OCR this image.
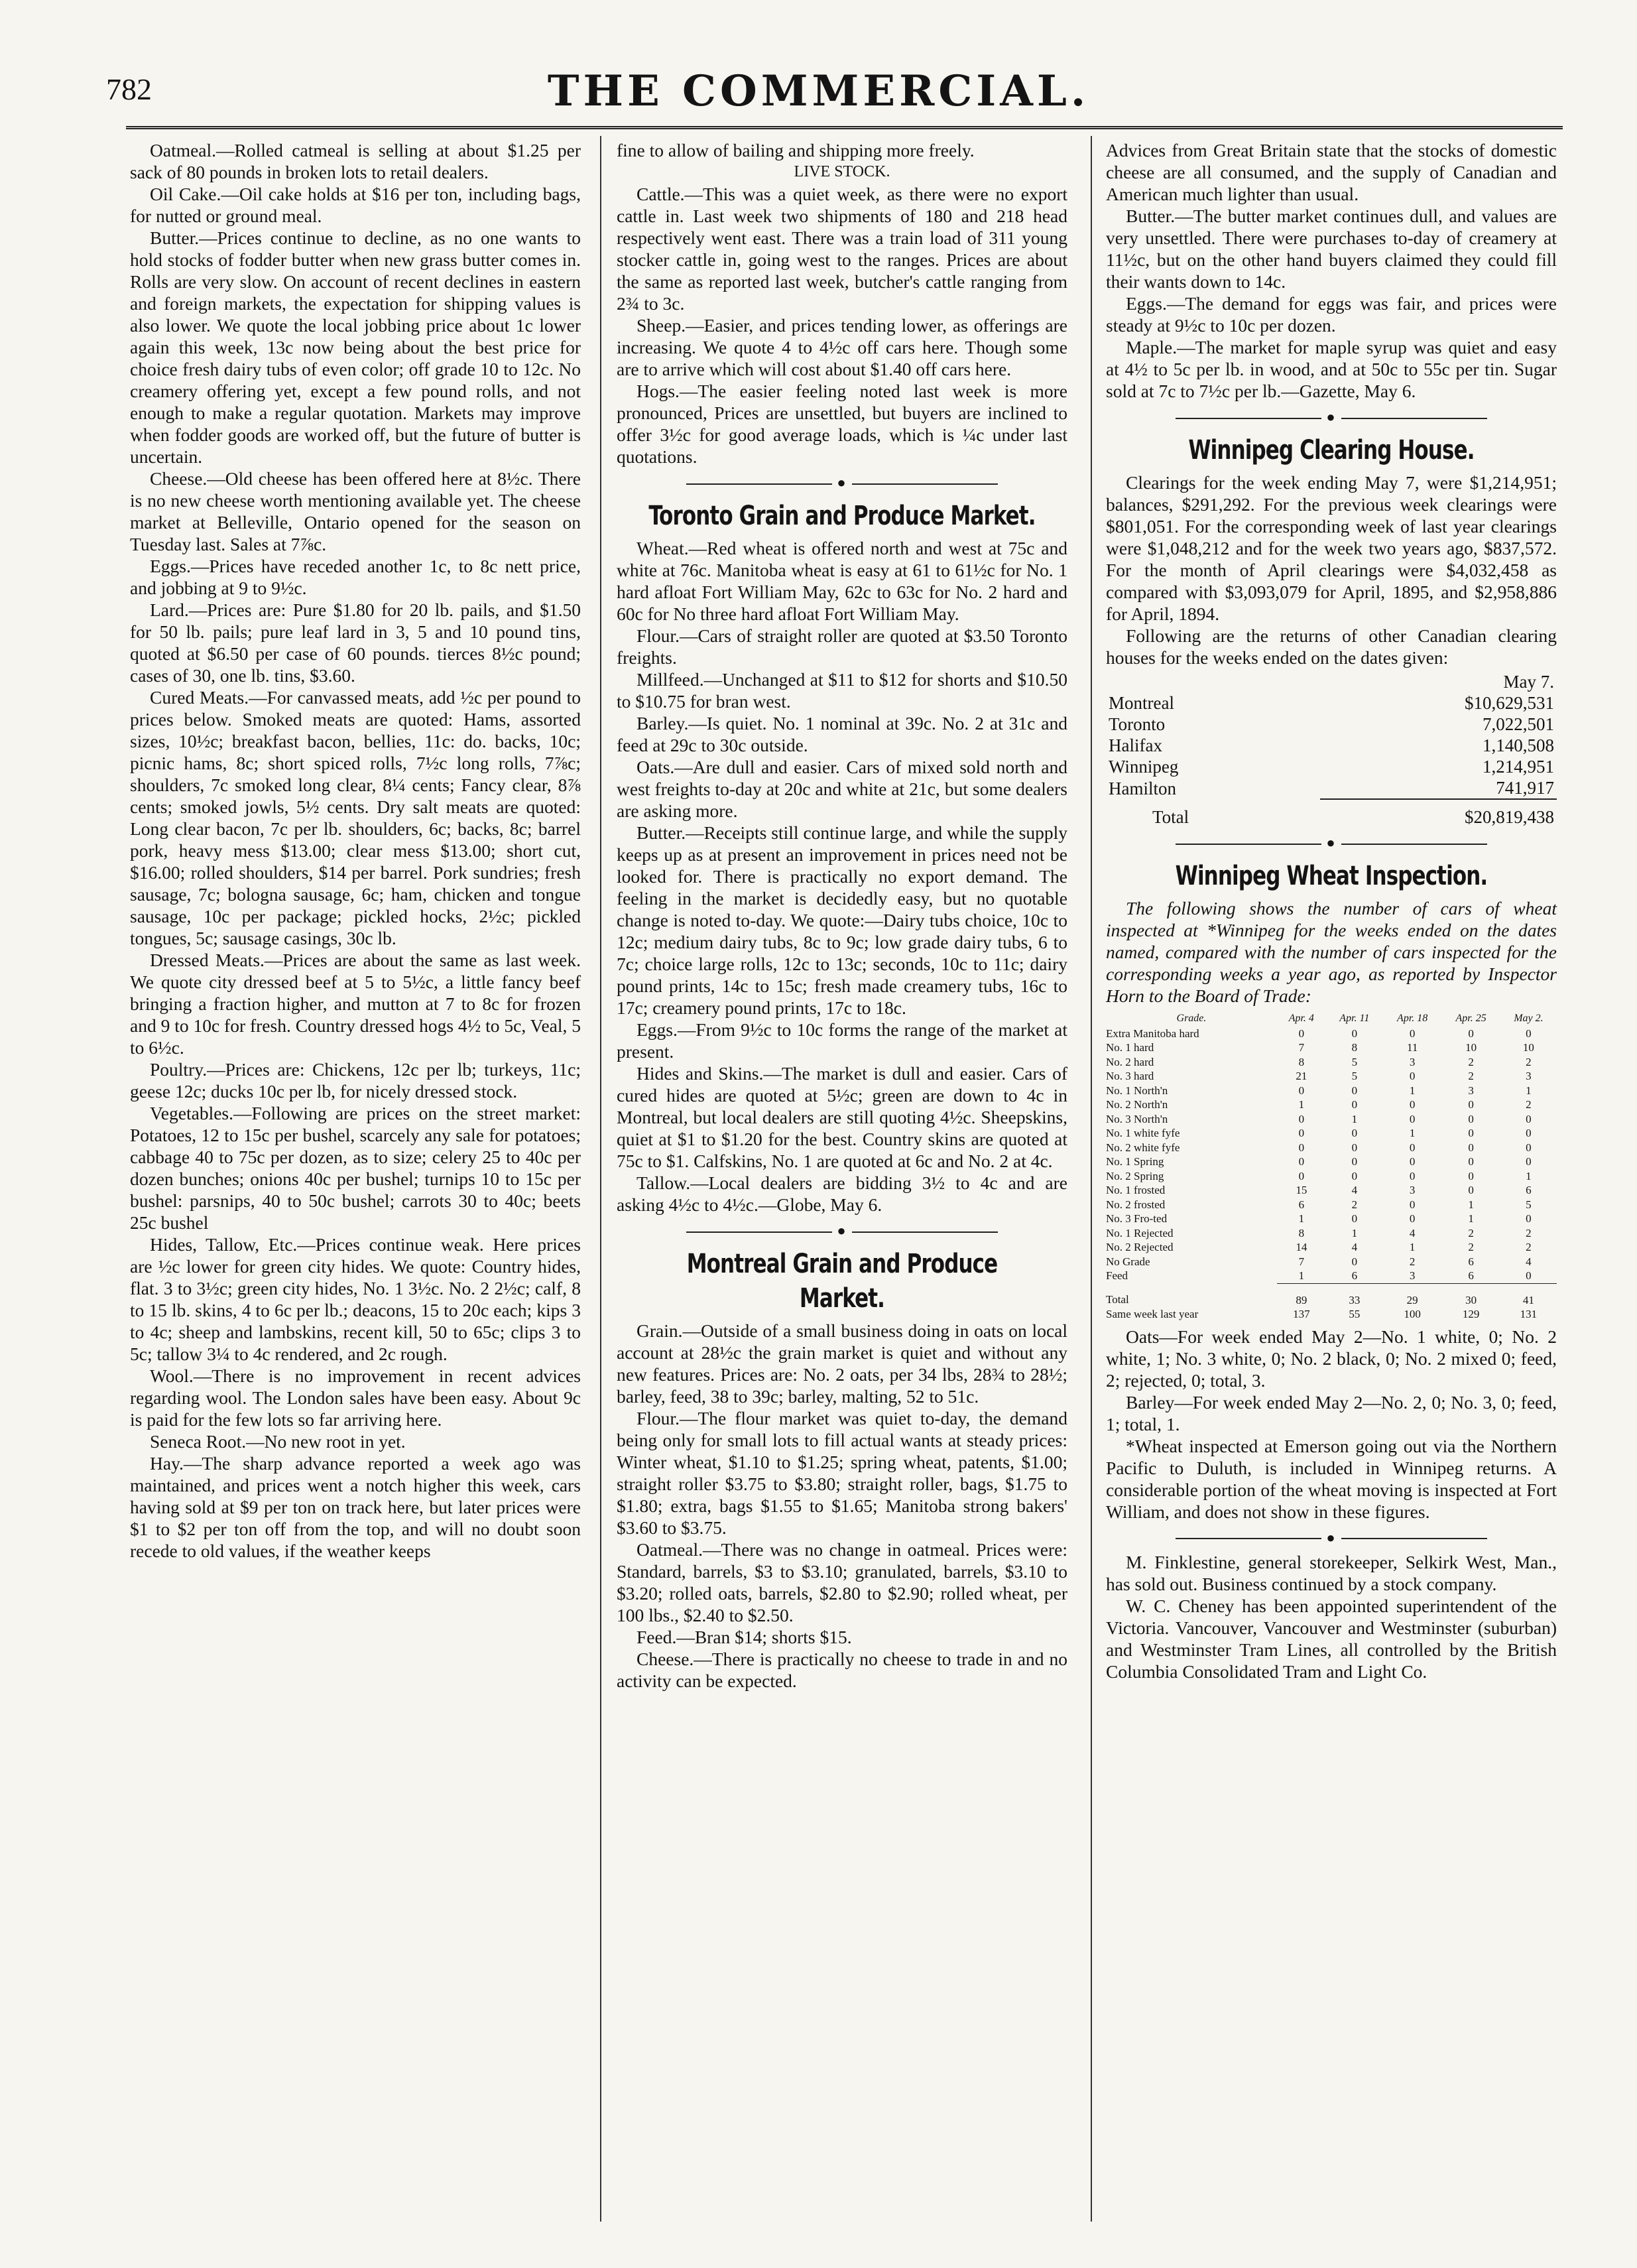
782	THE COMMERCIAL.

Oatmeal.—Rolled catmeal is selling at about $1.25 per sack of 80 pounds in broken lots to retail dealers.

Oil Cake.—Oil cake holds at $16 per ton, including bags, for nutted or ground meal.

Butter.—Prices continue to decline, as no one wants to hold stocks of fodder butter when new grass butter comes in. Rolls are very slow. On account of recent declines in eastern and foreign markets, the expectation for shipping values is also lower. We quote the local jobbing price about 1c lower again this week, 13c now being about the best price for choice fresh dairy tubs of even color; off grade 10 to 12c. No creamery offering yet, except a few pound rolls, and not enough to make a regular quotation. Markets may improve when fodder goods are worked off, but the future of butter is uncertain.

Cheese.—Old cheese has been offered here at 8½c. There is no new cheese worth mentioning available yet. The cheese market at Belleville, Ontario opened for the season on Tuesday last. Sales at 7⅞c.

Eggs.—Prices have receded another 1c, to 8c nett price, and jobbing at 9 to 9½c.

Lard.—Prices are: Pure $1.80 for 20 lb. pails, and $1.50 for 50 lb. pails; pure leaf lard in 3, 5 and 10 pound tins, quoted at $6.50 per case of 60 pounds. tierces 8½c pound; cases of 30, one lb. tins, $3.60.

Cured Meats.—For canvassed meats, add ½c per pound to prices below. Smoked meats are quoted: Hams, assorted sizes, 10½c; breakfast bacon, bellies, 11c: do. backs, 10c; picnic hams, 8c; short spiced rolls, 7½c long rolls, 7⅞c; shoulders, 7c smoked long clear, 8¼ cents; Fancy clear, 8⅞ cents; smoked jowls, 5½ cents. Dry salt meats are quoted: Long clear bacon, 7c per lb. shoulders, 6c; backs, 8c; barrel pork, heavy mess $13.00; clear mess $13.00; short cut, $16.00; rolled shoulders, $14 per barrel. Pork sundries; fresh sausage, 7c; bologna sausage, 6c; ham, chicken and tongue sausage, 10c per package; pickled hocks, 2½c; pickled tongues, 5c; sausage casings, 30c lb.

Dressed Meats.—Prices are about the same as last week. We quote city dressed beef at 5 to 5½c, a little fancy beef bringing a fraction higher, and mutton at 7 to 8c for frozen and 9 to 10c for fresh. Country dressed hogs 4½ to 5c, Veal, 5 to 6½c.

Poultry.—Prices are: Chickens, 12c per lb; turkeys, 11c; geese 12c; ducks 10c per lb, for nicely dressed stock.

Vegetables.—Following are prices on the street market: Potatoes, 12 to 15c per bushel, scarcely any sale for potatoes; cabbage 40 to 75c per dozen, as to size; celery 25 to 40c per dozen bunches; onions 40c per bushel; turnips 10 to 15c per bushel: parsnips, 40 to 50c bushel; carrots 30 to 40c; beets 25c bushel

Hides, Tallow, Etc.—Prices continue weak. Here prices are ½c lower for green city hides. We quote: Country hides, flat. 3 to 3½c; green city hides, No. 1 3½c. No. 2 2½c; calf, 8 to 15 lb. skins, 4 to 6c per lb.; deacons, 15 to 20c each; kips 3 to 4c; sheep and lambskins, recent kill, 50 to 65c; clips 3 to 5c; tallow 3¼ to 4c rendered, and 2c rough.

Wool.—There is no improvement in recent advices regarding wool. The London sales have been easy. About 9c is paid for the few lots so far arriving here.

Seneca Root.—No new root in yet.

Hay.—The sharp advance reported a week ago was maintained, and prices went a notch higher this week, cars having sold at $9 per ton on track here, but later prices were $1 to $2 per ton off from the top, and will no doubt soon recede to old values, if the weather keeps

fine to allow of bailing and shipping more freely.

LIVE STOCK.

Cattle.—This was a quiet week, as there were no export cattle in. Last week two shipments of 180 and 218 head respectively went east. There was a train load of 311 young stocker cattle in, going west to the ranges. Prices are about the same as reported last week, butcher's cattle ranging from 2¾ to 3c.

Sheep.—Easier, and prices tending lower, as offerings are increasing. We quote 4 to 4½c off cars here. Though some are to arrive which will cost about $1.40 off cars here.

Hogs.—The easier feeling noted last week is more pronounced, Prices are unsettled, but buyers are inclined to offer 3½c for good average loads, which is ¼c under last quotations.

●
Toronto Grain and Produce Market.

Wheat.—Red wheat is offered north and west at 75c and white at 76c. Manitoba wheat is easy at 61 to 61½c for No. 1 hard afloat Fort William May, 62c to 63c for No. 2 hard and 60c for No three hard afloat Fort William May.

Flour.—Cars of straight roller are quoted at $3.50 Toronto freights.

Millfeed.—Unchanged at $11 to $12 for shorts and $10.50 to $10.75 for bran west.

Barley.—Is quiet. No. 1 nominal at 39c. No. 2 at 31c and feed at 29c to 30c outside.

Oats.—Are dull and easier. Cars of mixed sold north and west freights to-day at 20c and white at 21c, but some dealers are asking more.

Butter.—Receipts still continue large, and while the supply keeps up as at present an improvement in prices need not be looked for. There is practically no export demand. The feeling in the market is decidedly easy, but no quotable change is noted to-day. We quote:—Dairy tubs choice, 10c to 12c; medium dairy tubs, 8c to 9c; low grade dairy tubs, 6 to 7c; choice large rolls, 12c to 13c; seconds, 10c to 11c; dairy pound prints, 14c to 15c; fresh made creamery tubs, 16c to 17c; creamery pound prints, 17c to 18c.

Eggs.—From 9½c to 10c forms the range of the market at present.

Hides and Skins.—The market is dull and easier. Cars of cured hides are quoted at 5½c; green are down to 4c in Montreal, but local dealers are still quoting 4½c. Sheepskins, quiet at $1 to $1.20 for the best. Country skins are quoted at 75c to $1. Calfskins, No. 1 are quoted at 6c and No. 2 at 4c.

Tallow.—Local dealers are bidding 3½ to 4c and are asking 4½c to 4½c.—Globe, May 6.

●
Montreal Grain and Produce Market.

Grain.—Outside of a small business doing in oats on local account at 28½c the grain market is quiet and without any new features. Prices are: No. 2 oats, per 34 lbs, 28¾ to 28½; barley, feed, 38 to 39c; barley, malting, 52 to 51c.

Flour.—The flour market was quiet to-day, the demand being only for small lots to fill actual wants at steady prices: Winter wheat, $1.10 to $1.25; spring wheat, patents, $1.00; straight roller $3.75 to $3.80; straight roller, bags, $1.75 to $1.80; extra, bags $1.55 to $1.65; Manitoba strong bakers' $3.60 to $3.75.

Oatmeal.—There was no change in oatmeal. Prices were: Standard, barrels, $3 to $3.10; granulated, barrels, $3.10 to $3.20; rolled oats, barrels, $2.80 to $2.90; rolled wheat, per 100 lbs., $2.40 to $2.50.

Feed.—Bran $14; shorts $15.

Cheese.—There is practically no cheese to trade in and no activity can be expected.

Advices from Great Britain state that the stocks of domestic cheese are all consumed, and the supply of Canadian and American much lighter than usual.

Butter.—The butter market continues dull, and values are very unsettled. There were purchases to-day of creamery at 11½c, but on the other hand buyers claimed they could fill their wants down to 14c.

Eggs.—The demand for eggs was fair, and prices were steady at 9½c to 10c per dozen.

Maple.—The market for maple syrup was quiet and easy at 4½ to 5c per lb. in wood, and at 50c to 55c per tin. Sugar sold at 7c to 7½c per lb.—Gazette, May 6.

●
Winnipeg Clearing House.

Clearings for the week ending May 7, were $1,214,951; balances, $291,292. For the previous week clearings were $801,051. For the corresponding week of last year clearings were $1,048,212 and for the week two years ago, $837,572. For the month of April clearings were $4,032,458 as compared with $3,093,079 for April, 1895, and $2,958,886 for April, 1894.

Following are the returns of other Canadian clearing houses for the weeks ended on the dates given:

	May 7.
Montreal	$10,629,531
Toronto	7,022,501
Halifax	1,140,508
Winnipeg	1,214,951
Hamilton	741,917
Total	$20,819,438
●
Winnipeg Wheat Inspection.

The following shows the number of cars of wheat inspected at *Winnipeg for the weeks ended on the dates named, compared with the number of cars inspected for the corresponding weeks a year ago, as reported by Inspector Horn to the Board of Trade:

Grade.	Apr. 4	Apr. 11	Apr. 18	Apr. 25	May 2.
Extra Manitoba hard	0	0	0	0	0
No. 1 hard	7	8	11	10	10
No. 2 hard	8	5	3	2	2
No. 3 hard	21	5	0	2	3
No. 1 North'n	0	0	1	3	1
No. 2 North'n	1	0	0	0	2
No. 3 North'n	0	1	0	0	0
No. 1 white fyfe	0	0	1	0	0
No. 2 white fyfe	0	0	0	0	0
No. 1 Spring	0	0	0	0	0
No. 2 Spring	0	0	0	0	1
No. 1 frosted	15	4	3	0	6
No. 2 frosted	6	2	0	1	5
No. 3 Fro-ted	1	0	0	1	0
No. 1 Rejected	8	1	4	2	2
No. 2 Rejected	14	4	1	2	2
No Grade	7	0	2	6	4
Feed	1	6	3	6	0
Total	89	33	29	30	41
Same week last year	137	55	100	129	131

Oats—For week ended May 2—No. 1 white, 0; No. 2 white, 1; No. 3 white, 0; No. 2 black, 0; No. 2 mixed 0; feed, 2; rejected, 0; total, 3.

Barley—For week ended May 2—No. 2, 0; No. 3, 0; feed, 1; total, 1.

*Wheat inspected at Emerson going out via the Northern Pacific to Duluth, is included in Winnipeg returns. A considerable portion of the wheat moving is inspected at Fort William, and does not show in these figures.

●

M. Finklestine, general storekeeper, Selkirk West, Man., has sold out. Business continued by a stock company.

W. C. Cheney has been appointed superintendent of the Victoria. Vancouver, Vancouver and Westminster (suburban) and Westminster Tram Lines, all controlled by the British Columbia Consolidated Tram and Light Co.
